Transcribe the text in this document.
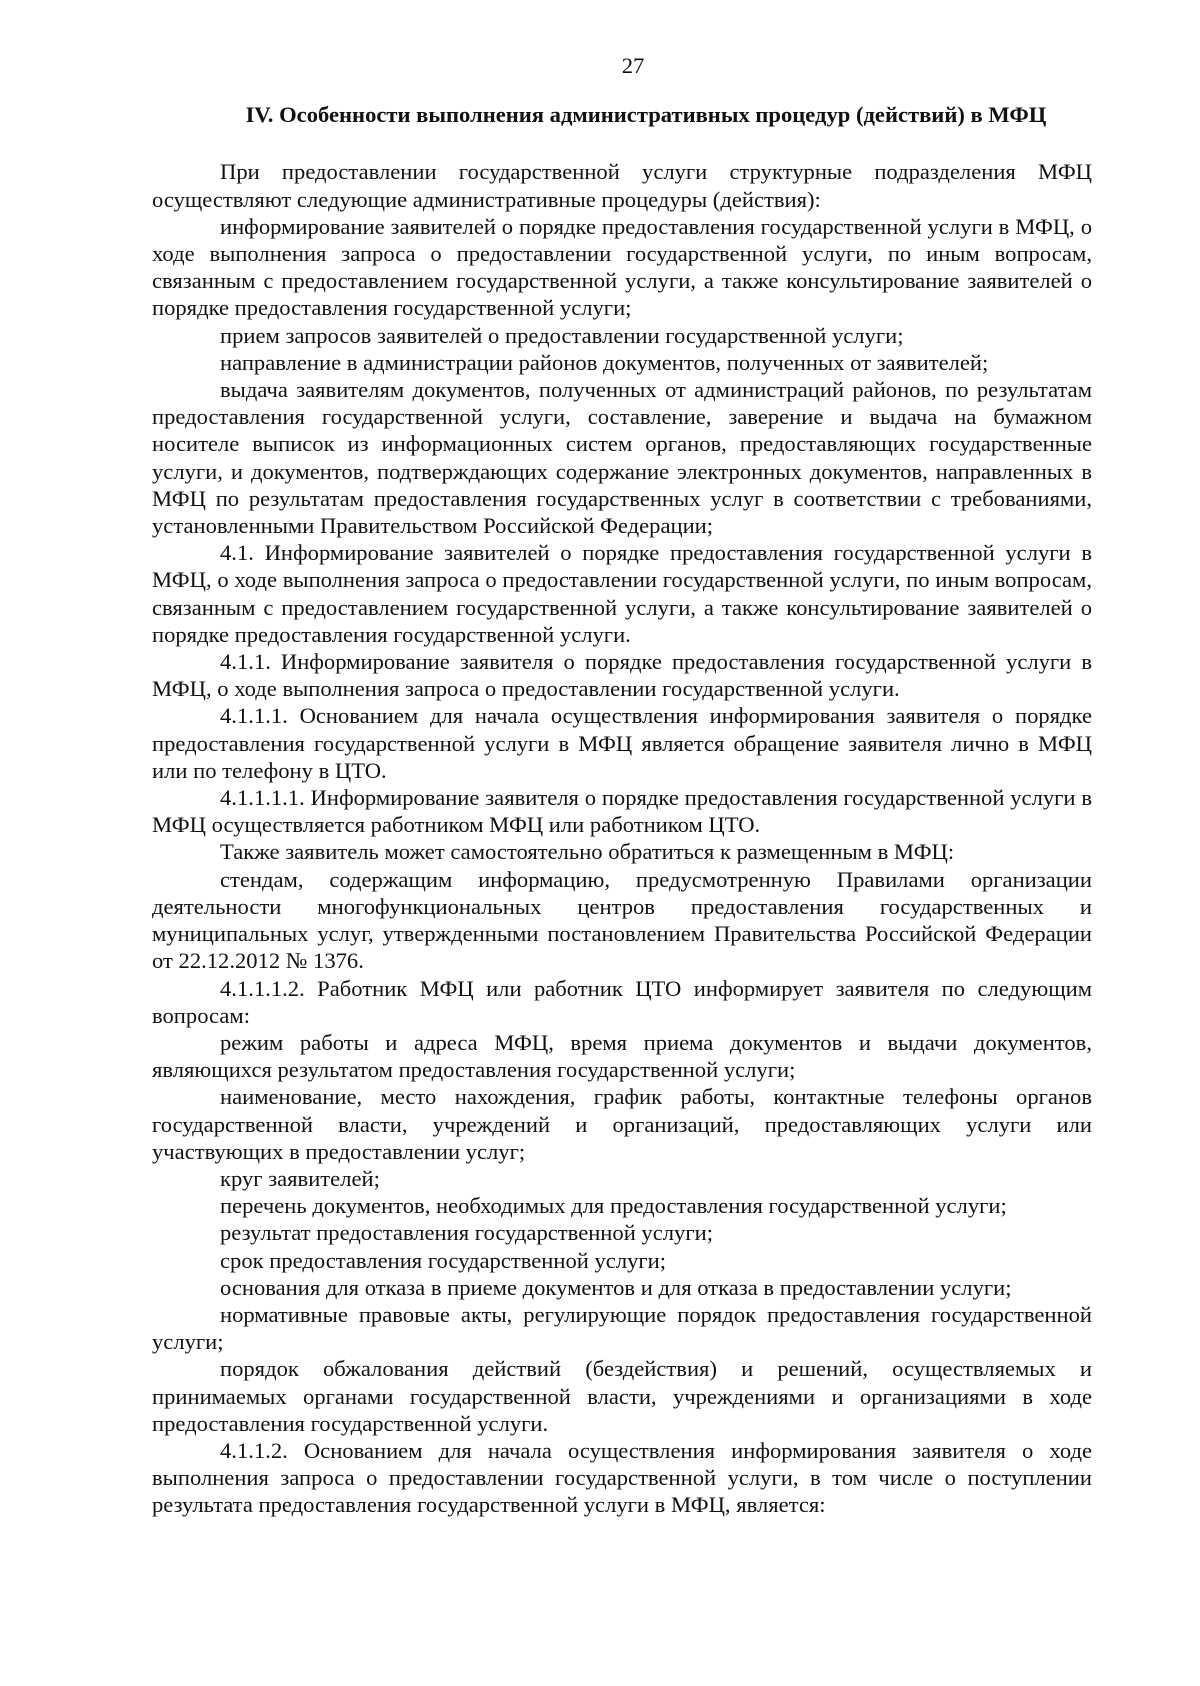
27
IV. Особенности выполнения административных процедур (действий) в МФЦ

При предоставлении государственной услуги структурные подразделения МФЦ осуществляют следующие административные процедуры (действия):

информирование заявителей о порядке предоставления государственной услуги в МФЦ, о ходе выполнения запроса о предоставлении государственной услуги, по иным вопросам, связанным с предоставлением государственной услуги, а также консультирование заявителей о порядке предоставления государственной услуги;

прием запросов заявителей о предоставлении государственной услуги;

направление в администрации районов документов, полученных от заявителей;

выдача заявителям документов, полученных от администраций районов, по результатам предоставления государственной услуги, составление, заверение и выдача на бумажном носителе выписок из информационных систем органов, предоставляющих государственные услуги, и документов, подтверждающих содержание электронных документов, направленных в МФЦ по результатам предоставления государственных услуг в соответствии с требованиями, установленными Правительством Российской Федерации;

4.1. Информирование заявителей о порядке предоставления государственной услуги в МФЦ, о ходе выполнения запроса о предоставлении государственной услуги, по иным вопросам, связанным с предоставлением государственной услуги, а также консультирование заявителей о порядке предоставления государственной услуги.

4.1.1. Информирование заявителя о порядке предоставления государственной услуги в МФЦ, о ходе выполнения запроса о предоставлении государственной услуги.

4.1.1.1. Основанием для начала осуществления информирования заявителя о порядке предоставления государственной услуги в МФЦ является обращение заявителя лично в МФЦ или по телефону в ЦТО.

4.1.1.1.1. Информирование заявителя о порядке предоставления государственной услуги в МФЦ осуществляется работником МФЦ или работником ЦТО.

Также заявитель может самостоятельно обратиться к размещенным в МФЦ:

стендам, содержащим информацию, предусмотренную Правилами организации деятельности многофункциональных центров предоставления государственных и муниципальных услуг, утвержденными постановлением Правительства Российской Федерации от 22.12.2012 № 1376.

4.1.1.1.2. Работник МФЦ или работник ЦТО информирует заявителя по следующим вопросам:

режим работы и адреса МФЦ, время приема документов и выдачи документов, являющихся результатом предоставления государственной услуги;

наименование, место нахождения, график работы, контактные телефоны органов государственной власти, учреждений и организаций, предоставляющих услуги или участвующих в предоставлении услуг;

круг заявителей;

перечень документов, необходимых для предоставления государственной услуги;

результат предоставления государственной услуги;

срок предоставления государственной услуги;

основания для отказа в приеме документов и для отказа в предоставлении услуги;

нормативные правовые акты, регулирующие порядок предоставления государственной услуги;

порядок обжалования действий (бездействия) и решений, осуществляемых и принимаемых органами государственной власти, учреждениями и организациями в ходе предоставления государственной услуги.

4.1.1.2. Основанием для начала осуществления информирования заявителя о ходе выполнения запроса о предоставлении государственной услуги, в том числе о поступлении результата предоставления государственной услуги в МФЦ, является:
